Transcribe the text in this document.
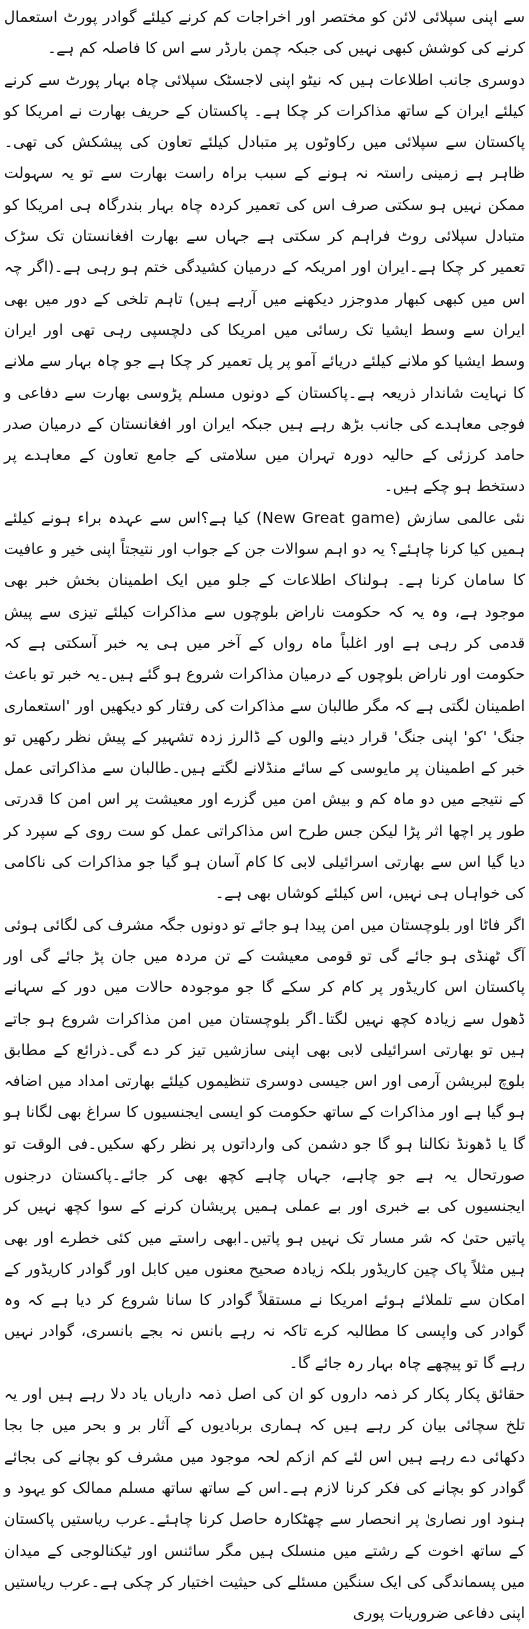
سے اپنی سپلائی لائن کو مختصر اور اخراجات کم کرنے کیلئے گوادر پورٹ استعمال کرنے کی کوشش کبھی نہیں کی جبکہ چمن بارڈر سے اس کا فاصلہ کم ہے۔

دوسری جانب اطلاعات ہیں کہ نیٹو اپنی لاجسٹک سپلائی چاہ بہار پورٹ سے کرنے کیلئے ایران کے ساتھ مذاکرات کر چکا ہے۔ پاکستان کے حریف بھارت نے امریکا کو پاکستان سے سپلائی میں رکاوٹوں پر متبادل کیلئے تعاون کی پیشکش کی تھی۔ظاہر ہے زمینی راستہ نہ ہونے کے سبب براہ راست بھارت سے تو یہ سہولت ممکن نہیں ہو سکتی صرف اس کی تعمیر کردہ چاہ بہار بندرگاہ ہی امریکا کو متبادل سپلائی روٹ فراہم کر سکتی ہے جہاں سے بھارت افغانستان تک سڑک تعمیر کر چکا ہے۔ایران اور امریکہ کے درمیان کشیدگی ختم ہو رہی ہے۔(اگر چہ اس میں کبھی کبھار مدوجزر دیکھنے میں آرہے ہیں) تاہم تلخی کے دور میں بھی ایران سے وسط ایشیا تک رسائی میں امریکا کی دلچسپی رہی تھی اور ایران وسط ایشیا کو ملانے کیلئے دریائے آمو پر پل تعمیر کر چکا ہے جو چاہ بہار سے ملانے کا نہایت شاندار ذریعہ ہے۔پاکستان کے دونوں مسلم پڑوسی بھارت سے دفاعی و فوجی معاہدے کی جانب بڑھ رہے ہیں جبکہ ایران اور افغانستان کے درمیان صدر حامد کرزئی کے حالیہ دورہ تہران میں سلامتی کے جامع تعاون کے معاہدے پر دستخط ہو چکے ہیں۔

نئی عالمی سازش (New Great game) کیا ہے؟اس سے عہدہ براء ہونے کیلئے ہمیں کیا کرنا چاہئے؟ یہ دو اہم سوالات جن کے جواب اور نتیجتاً اپنی خیر و عافیت کا سامان کرنا ہے۔ ہولناک اطلاعات کے جلو میں ایک اطمینان بخش خبر بھی موجود ہے، وہ یہ کہ حکومت ناراض بلوچوں سے مذاکرات کیلئے تیزی سے پیش قدمی کر رہی ہے اور اغلباً ماہ رواں کے آخر میں ہی یہ خبر آسکتی ہے کہ حکومت اور ناراض بلوچوں کے درمیان مذاکرات شروع ہو گئے ہیں۔یہ خبر تو باعث اطمینان لگتی ہے کہ مگر طالبان سے مذاکرات کی رفتار کو دیکھیں اور 'استعماری جنگ' 'کو' اپنی جنگ' قرار دینے والوں کے ڈالرز زدہ تشہیر کے پیش نظر رکھیں تو خبر کے اطمینان پر مایوسی کے سائے منڈلانے لگتے ہیں۔طالبان سے مذاکراتی عمل کے نتیجے میں دو ماہ کم و بیش امن میں گزرے اور معیشت پر اس امن کا قدرتی طور پر اچھا اثر پڑا لیکن جس طرح اس مذاکراتی عمل کو ست روی کے سپرد کر دیا گیا اس سے بھارتی اسرائیلی لابی کا کام آسان ہو گیا جو مذاکرات کی ناکامی کی خواہاں ہی نہیں، اس کیلئے کوشاں بھی ہے۔

اگر فاٹا اور بلوچستان میں امن پیدا ہو جائے تو دونوں جگہ مشرف کی لگائی ہوئی آگ ٹھنڈی ہو جائے گی تو قومی معیشت کے تن مردہ میں جان پڑ جائے گی اور پاکستان اس کاریڈور پر کام کر سکے گا جو موجودہ حالات میں دور کے سہانے ڈھول سے زیادہ کچھ نہیں لگتا۔اگر بلوچستان میں امن مذاکرات شروع ہو جاتے ہیں تو بھارتی اسرائیلی لابی بھی اپنی سازشیں تیز کر دے گی۔ذرائع کے مطابق بلوچ لبریشن آرمی اور اس جیسی دوسری تنظیموں کیلئے بھارتی امداد میں اضافہ ہو گیا ہے اور مذاکرات کے ساتھ حکومت کو ایسی ایجنسیوں کا سراغ بھی لگانا ہو گا یا ڈھونڈ نکالنا ہو گا جو دشمن کی وارداتوں پر نظر رکھ سکیں۔فی الوقت تو صورتحال یہ ہے جو چاہے، جہاں چاہے کچھ بھی کر جائے۔پاکستان درجنوں ایجنسیوں کی بے خبری اور بے عملی ہمیں پریشان کرنے کے سوا کچھ نہیں کر پاتیں حتیٰ کہ شر مسار تک نہیں ہو پاتیں۔ابھی راستے میں کئی خطرے اور بھی ہیں مثلاً پاک چین کاریڈور بلکہ زیادہ صحیح معنوں میں کابل اور گوادر کاریڈور کے امکان سے تلملائے ہوئے امریکا نے مستقلاً گوادر کا سانا شروع کر دیا ہے کہ وہ گوادر کی واپسی کا مطالبہ کرے تاکہ نہ رہے بانس نہ بجے بانسری، گوادر نہیں رہے گا تو پیچھے چاہ بہار رہ جائے گا۔

حقائق پکار پکار کر ذمہ داروں کو ان کی اصل ذمہ داریاں یاد دلا رہے ہیں اور یہ تلخ سچائی بیان کر رہے ہیں کہ ہماری بربادیوں کے آثار بر و بحر میں جا بجا دکھائی دے رہے ہیں اس لئے کم ازکم لحہ موجود میں مشرف کو بچانے کی بجائے گوادر کو بچانے کی فکر کرنا لازم ہے۔اس کے ساتھ ساتھ مسلم ممالک کو یہود و ہنود اور نصاریٰ پر انحصار سے چھٹکارہ حاصل کرنا چاہئے۔عرب ریاستیں پاکستان کے ساتھ اخوت کے رشتے میں منسلک ہیں مگر سائنس اور ٹیکنالوجی کے میدان میں پسماندگی کی ایک سنگین مسئلے کی حیثیت اختیار کر چکی ہے۔عرب ریاستیں اپنی دفاعی ضروریات پوری
